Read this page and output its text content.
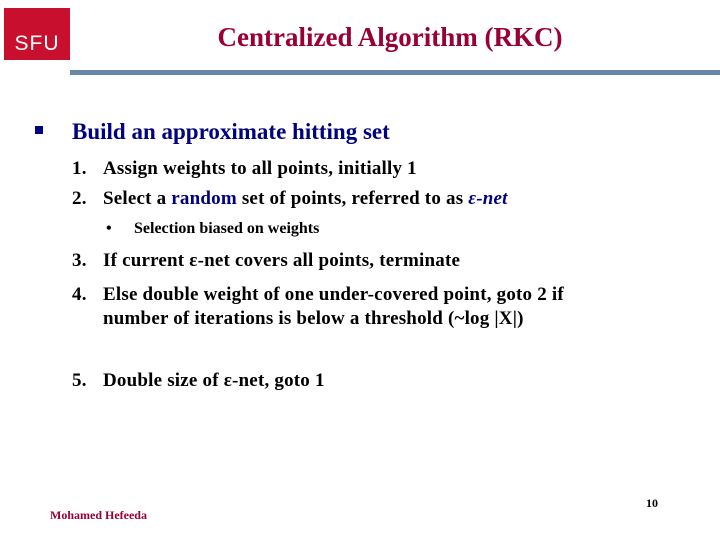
SFU	Centralized Algorithm (RKC)
Build an approximate hitting set
1. Assign weights to all points, initially 1
2. Select a random set of points, referred to as ε-net
• Selection biased on weights
3. If current ε-net covers all points, terminate
4. Else double weight of one under-covered point, goto 2 if
number of iterations is below a threshold (~log |X|)
5. Double size of ε-net, goto 1
Mohamed Hefeeda
10
